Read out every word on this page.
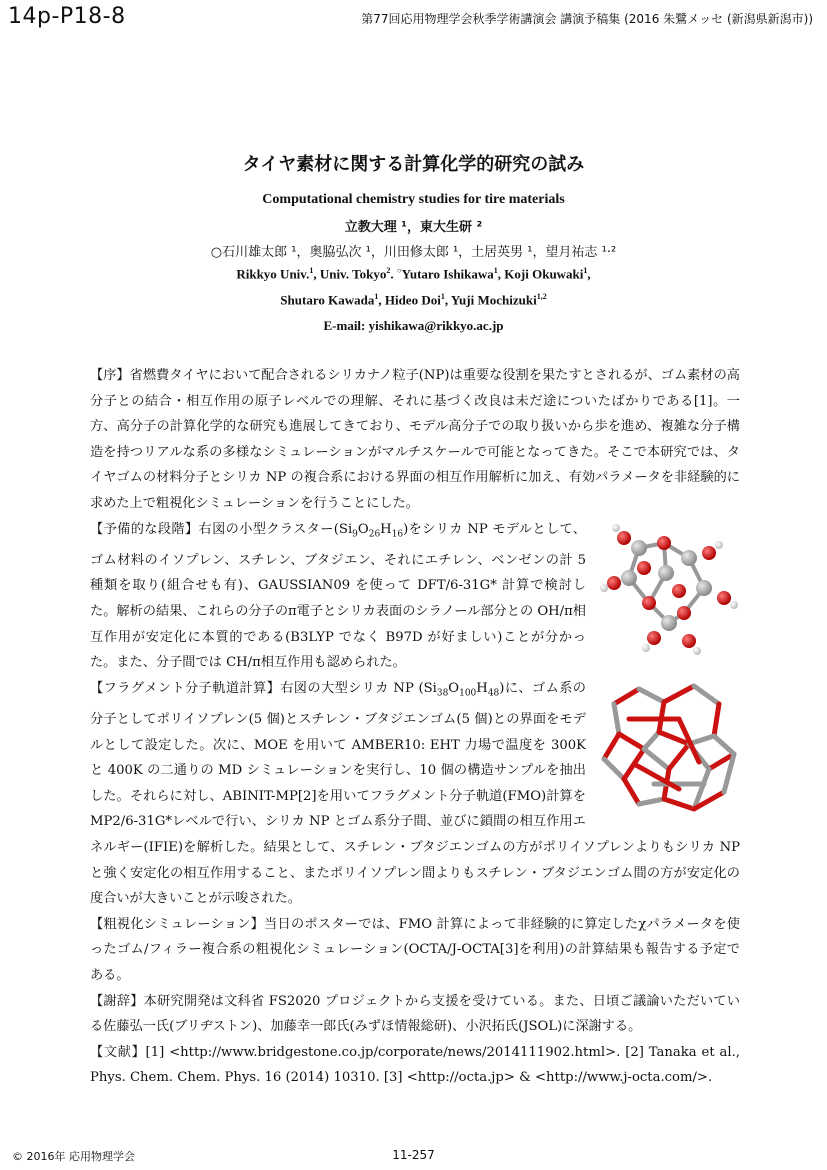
14p-P18-8	第77回応用物理学会秋季学術講演会 講演予稿集 (2016 朱鷺メッセ (新潟県新潟市))
タイヤ素材に関する計算化学的研究の試み
Computational chemistry studies for tire materials
立教大理 ¹，東大生研 ²
○石川雄太郎 ¹，奥脇弘次 ¹，川田修太郎 ¹，土居英男 ¹，望月祐志 ¹·²
Rikkyo Univ.$^1$, Univ. Tokyo$^2$. ○Yutaro Ishikawa$^1$, Koji Okuwaki$^1$,
Shutaro Kawada$^1$, Hideo Doi$^1$, Yuji Mochizuki$^{1,2}$
E-mail: yishikawa@rikkyo.ac.jp

【序】省燃費タイヤにおいて配合されるシリカナノ粒子(NP)は重要な役割を果たすとされるが、ゴム素材の高分子との結合・相互作用の原子レベルでの理解、それに基づく改良は未だ途についたばかりである[1]。一方、高分子の計算化学的な研究も進展してきており、モデル高分子での取り扱いから歩を進め、複雑な分子構造を持つリアルな系の多様なシミュレーションがマルチスケールで可能となってきた。そこで本研究では、タイヤゴムの材料分子とシリカ NP の複合系における界面の相互作用解析に加え、有効パラメータを非経験的に求めた上で粗視化シミュレーションを行うことにした。

【予備的な段階】右図の小型クラスター$(Si_9O_{26}H_{16})$をシリカ NP モデルとして、ゴム材料のイソプレン、スチレン、ブタジエン、それにエチレン、ベンゼンの計 5 種類を取り(組合せも有)、GAUSSIAN09 を使って DFT/6-31G* 計算で検討した。解析の結果、これらの分子のπ電子とシリカ表面のシラノール部分との OH/π相互作用が安定化に本質的である(B3LYP でなく B97D が好ましい)ことが分かった。また、分子間では CH/π相互作用も認められた。

【フラグメント分子軌道計算】右図の大型シリカ NP $(Si_{38}O_{100}H_{48})$に、ゴム系の分子としてポリイソプレン(5 個)とスチレン・ブタジエンゴム(5 個)との界面をモデルとして設定した。次に、MOE を用いて AMBER10: EHT 力場で温度を 300K と 400K の二通りの MD シミュレーションを実行し、10 個の構造サンプルを抽出した。それらに対し、ABINIT-MP[2]を用いてフラグメント分子軌道(FMO)計算を MP2/6-31G*レベルで行い、シリカ NP とゴム系分子間、並びに鎖間の相互作用エネルギー(IFIE)を解析した。結果として、スチレン・ブタジエンゴムの方がポリイソプレンよりもシリカ NP と強く安定化の相互作用すること、またポリイソプレン間よりもスチレン・ブタジエンゴム間の方が安定化の度合いが大きいことが示唆された。

【粗視化シミュレーション】当日のポスターでは、FMO 計算によって非経験的に算定したχパラメータを使ったゴム/フィラー複合系の粗視化シミュレーション(OCTA/J-OCTA[3]を利用)の計算結果も報告する予定である。

【謝辞】本研究開発は文科省 FS2020 プロジェクトから支援を受けている。また、日頃ご議論いただいている佐藤弘一氏(ブリヂストン)、加藤幸一郎氏(みずほ情報総研)、小沢拓氏(JSOL)に深謝する。

【文献】[1] <http://www.bridgestone.co.jp/corporate/news/2014111902.html>. [2] Tanaka et al., Phys. Chem. Chem. Phys. 16 (2014) 10310. [3] <http://octa.jp> & <http://www.j-octa.com/>.

© 2016年 応用物理学会	11-257
